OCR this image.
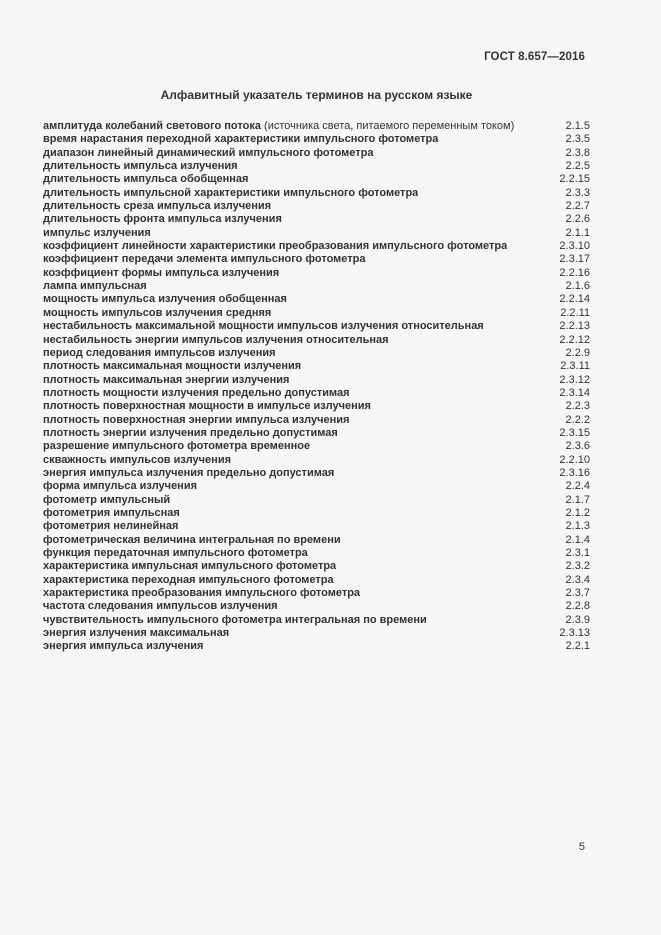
ГОСТ 8.657—2016
Алфавитный указатель терминов на русском языке
амплитуда колебаний светового потока (источника света, питаемого переменным током)	2.1.5
время нарастания переходной характеристики импульсного фотометра	2.3.5
диапазон линейный динамический импульсного фотометра	2.3.8
длительность импульса излучения	2.2.5
длительность импульса обобщенная	2.2.15
длительность импульсной характеристики импульсного фотометра	2.3.3
длительность среза импульса излучения	2.2.7
длительность фронта импульса излучения	2.2.6
импульс излучения	2.1.1
коэффициент линейности характеристики преобразования импульсного фотометра	2.3.10
коэффициент передачи элемента импульсного фотометра	2.3.17
коэффициент формы импульса излучения	2.2.16
лампа импульсная	2.1.6
мощность импульса излучения обобщенная	2.2.14
мощность импульсов излучения средняя	2.2.11
нестабильность максимальной мощности импульсов излучения относительная	2.2.13
нестабильность энергии импульсов излучения относительная	2.2.12
период следования импульсов излучения	2.2.9
плотность максимальная мощности излучения	2.3.11
плотность максимальная энергии излучения	2.3.12
плотность мощности излучения предельно допустимая	2.3.14
плотность поверхностная мощности в импульсе излучения	2.2.3
плотность поверхностная энергии импульса излучения	2.2.2
плотность энергии излучения предельно допустимая	2.3.15
разрешение импульсного фотометра временное	2.3.6
скважность импульсов излучения	2.2.10
энергия импульса излучения предельно допустимая	2.3.16
форма импульса излучения	2.2.4
фотометр импульсный	2.1.7
фотометрия импульсная	2.1.2
фотометрия нелинейная	2.1.3
фотометрическая величина интегральная по времени	2.1.4
функция передаточная импульсного фотометра	2.3.1
характеристика импульсная импульсного фотометра	2.3.2
характеристика переходная импульсного фотометра	2.3.4
характеристика преобразования импульсного фотометра	2.3.7
частота следования импульсов излучения	2.2.8
чувствительность импульсного фотометра интегральная по времени	2.3.9
энергия излучения максимальная	2.3.13
энергия импульса излучения	2.2.1
5
